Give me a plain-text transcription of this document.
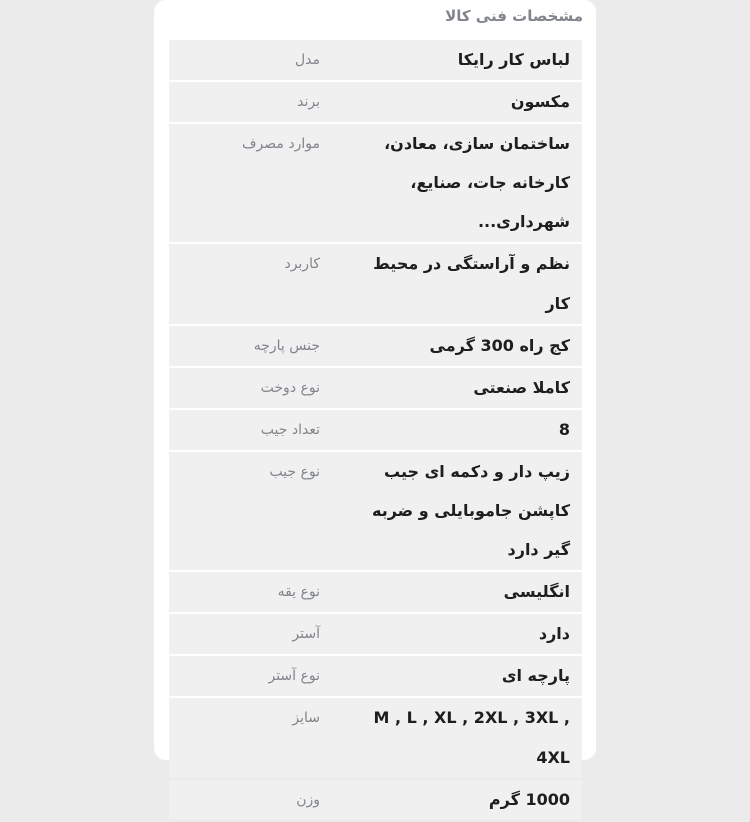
مشخصات فنی کالا
مدل	لباس کار رایکا
برند	مکسون
موارد مصرف	ساختمان سازی، معادن، کارخانه جات، صنایع، شهرداری...
کاربرد	نظم و آراستگی در محیط کار
جنس پارچه	کج راه 300 گرمی
نوع دوخت	کاملا صنعتی
تعداد جیب	8
نوع جیب	زیپ دار و دکمه ای جیب کاپشن جاموبایلی و ضربه گیر دارد
نوع یقه	انگلیسی
آستر	دارد
نوع آستر	پارچه ای
سایز	M , L , XL , 2XL , 3XL , 4XL
وزن	1000 گرم
